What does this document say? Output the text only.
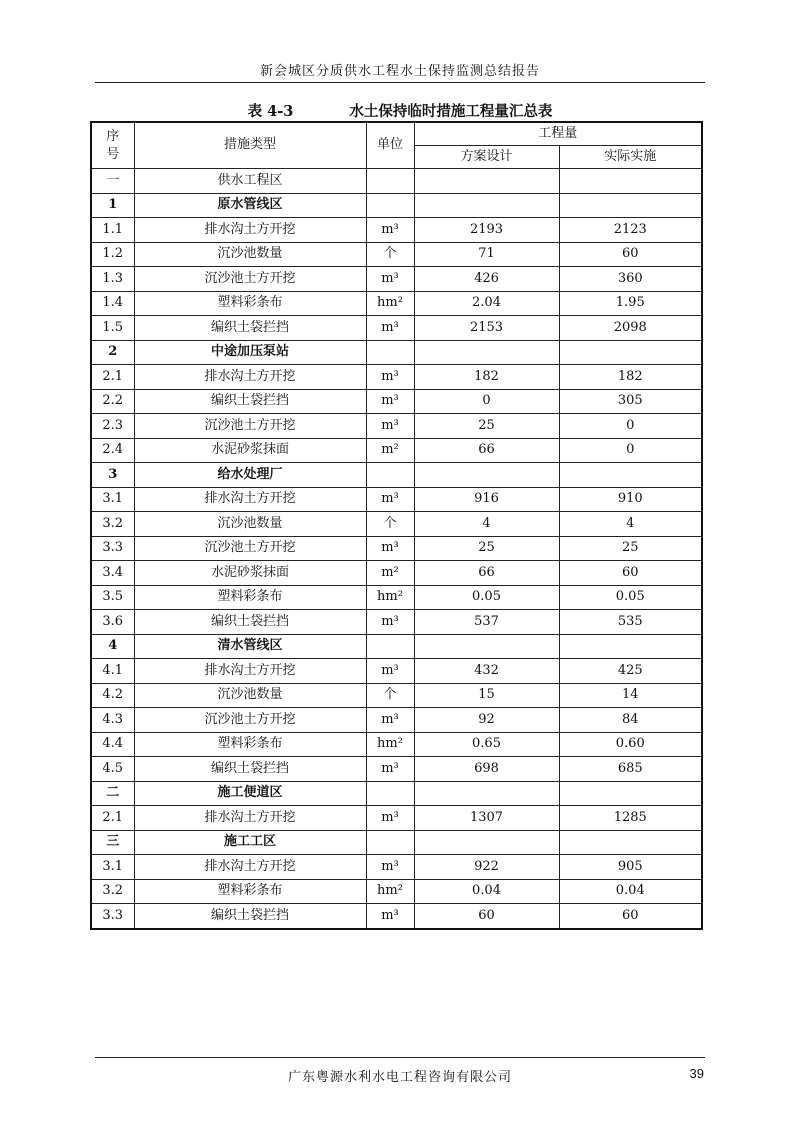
新会城区分质供水工程水土保持监测总结报告
表 4-3	水土保持临时措施工程量汇总表
序
号	措施类型	单位	工程量	
			方案设计	实际实施
一	供水工程区			
1	原水管线区			
1.1	排水沟土方开挖	m³	2193	2123
1.2	沉沙池数量	个	71	60
1.3	沉沙池土方开挖	m³	426	360
1.4	塑料彩条布	hm²	2.04	1.95
1.5	编织土袋拦挡	m³	2153	2098
2	中途加压泵站			
2.1	排水沟土方开挖	m³	182	182
2.2	编织土袋拦挡	m³	0	305
2.3	沉沙池土方开挖	m³	25	0
2.4	水泥砂浆抹面	m²	66	0
3	给水处理厂			
3.1	排水沟土方开挖	m³	916	910
3.2	沉沙池数量	个	4	4
3.3	沉沙池土方开挖	m³	25	25
3.4	水泥砂浆抹面	m²	66	60
3.5	塑料彩条布	hm²	0.05	0.05
3.6	编织土袋拦挡	m³	537	535
4	清水管线区			
4.1	排水沟土方开挖	m³	432	425
4.2	沉沙池数量	个	15	14
4.3	沉沙池土方开挖	m³	92	84
4.4	塑料彩条布	hm²	0.65	0.60
4.5	编织土袋拦挡	m³	698	685
二	施工便道区			
2.1	排水沟土方开挖	m³	1307	1285
三	施工工区			
3.1	排水沟土方开挖	m³	922	905
3.2	塑料彩条布	hm²	0.04	0.04
3.3	编织土袋拦挡	m³	60	60
广东粤源水利水电工程咨询有限公司	39
